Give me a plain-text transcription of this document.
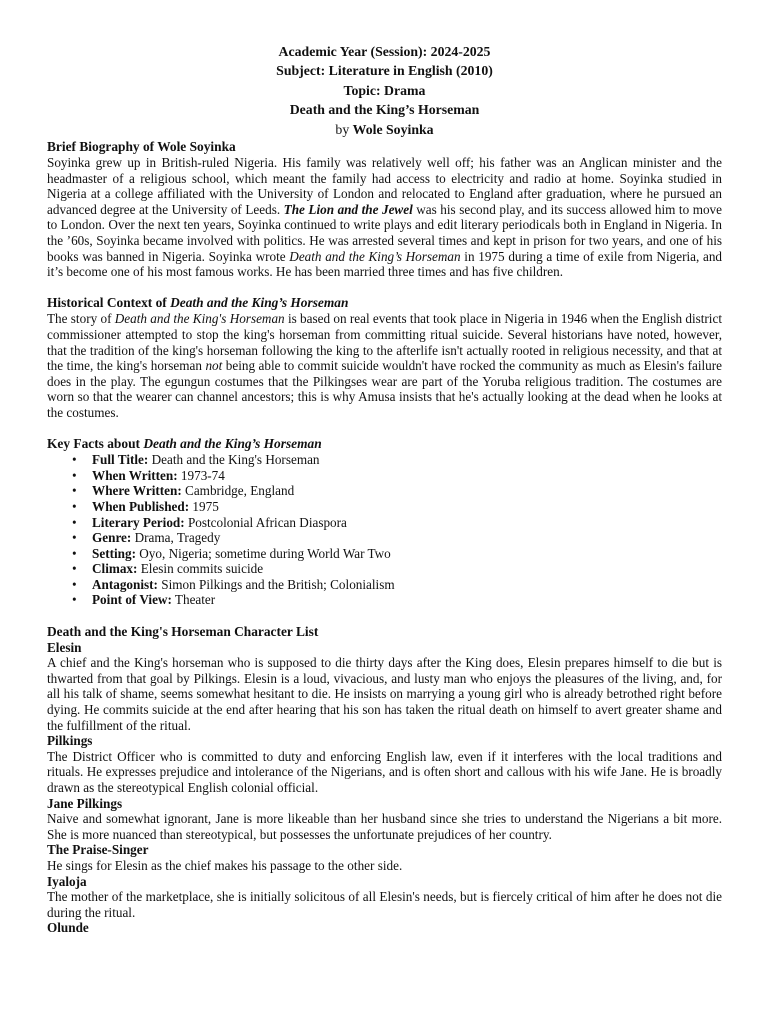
Academic Year (Session): 2024-2025
Subject: Literature in English (2010)
Topic: Drama
Death and the King’s Horseman
by Wole Soyinka
Brief Biography of Wole Soyinka

Soyinka grew up in British-ruled Nigeria. His family was relatively well off; his father was an Anglican minister and the headmaster of a religious school, which meant the family had access to electricity and radio at home. Soyinka studied in Nigeria at a college affiliated with the University of London and relocated to England after graduation, where he pursued an advanced degree at the University of Leeds. The Lion and the Jewel was his second play, and its success allowed him to move to London. Over the next ten years, Soyinka continued to write plays and edit literary periodicals both in England in Nigeria. In the ’60s, Soyinka became involved with politics. He was arrested several times and kept in prison for two years, and one of his books was banned in Nigeria. Soyinka wrote Death and the King’s Horseman in 1975 during a time of exile from Nigeria, and it’s become one of his most famous works. He has been married three times and has five children.

Historical Context of Death and the King’s Horseman

The story of Death and the King's Horseman is based on real events that took place in Nigeria in 1946 when the English district commissioner attempted to stop the king's horseman from committing ritual suicide. Several historians have noted, however, that the tradition of the king's horseman following the king to the afterlife isn't actually rooted in religious necessity, and that at the time, the king's horseman not being able to commit suicide wouldn't have rocked the community as much as Elesin's failure does in the play. The egungun costumes that the Pilkingses wear are part of the Yoruba religious tradition. The costumes are worn so that the wearer can channel ancestors; this is why Amusa insists that he's actually looking at the dead when he looks at the costumes.

Key Facts about Death and the King’s Horseman
• Full Title: Death and the King's Horseman
• When Written: 1973-74
• Where Written: Cambridge, England
• When Published: 1975
• Literary Period: Postcolonial African Diaspora
• Genre: Drama, Tragedy
• Setting: Oyo, Nigeria; sometime during World War Two
• Climax: Elesin commits suicide
• Antagonist: Simon Pilkings and the British; Colonialism
• Point of View: Theater
Death and the King's Horseman Character List
Elesin

A chief and the King's horseman who is supposed to die thirty days after the King does, Elesin prepares himself to die but is thwarted from that goal by Pilkings. Elesin is a loud, vivacious, and lusty man who enjoys the pleasures of the living, and, for all his talk of shame, seems somewhat hesitant to die. He insists on marrying a young girl who is already betrothed right before dying. He commits suicide at the end after hearing that his son has taken the ritual death on himself to avert greater shame and the fulfillment of the ritual.

Pilkings

The District Officer who is committed to duty and enforcing English law, even if it interferes with the local traditions and rituals. He expresses prejudice and intolerance of the Nigerians, and is often short and callous with his wife Jane. He is broadly drawn as the stereotypical English colonial official.

Jane Pilkings

Naive and somewhat ignorant, Jane is more likeable than her husband since she tries to understand the Nigerians a bit more. She is more nuanced than stereotypical, but possesses the unfortunate prejudices of her country.

The Praise-Singer

He sings for Elesin as the chief makes his passage to the other side.

Iyaloja

The mother of the marketplace, she is initially solicitous of all Elesin's needs, but is fiercely critical of him after he does not die during the ritual.

Olunde
